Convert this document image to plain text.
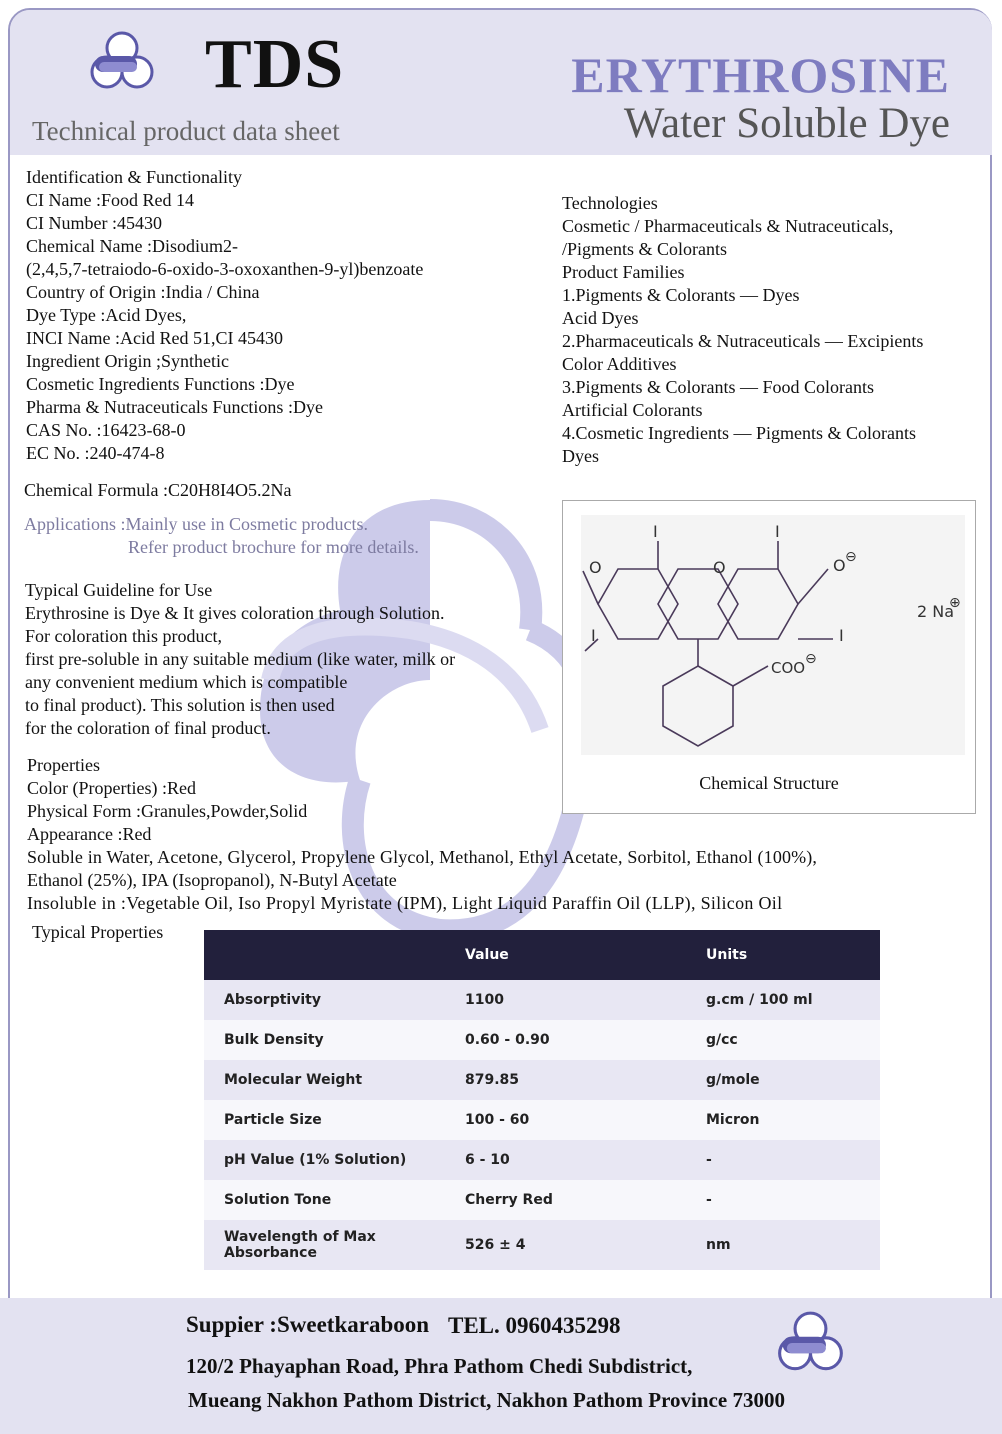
TDS
Technical product data sheet
ERYTHROSINE
Water Soluble Dye
Identification & Functionality
CI Name :Food Red 14
CI Number :45430
Chemical Name :Disodium2-
(2,4,5,7-tetraiodo-6-oxido-3-oxoxanthen-9-yl)benzoate
Country of Origin :India / China
Dye Type :Acid Dyes,
INCI Name :Acid Red 51,CI 45430
Ingredient Origin ;Synthetic
Cosmetic Ingredients Functions :Dye
Pharma & Nutraceuticals Functions :Dye
CAS No. :16423-68-0
EC No. :240-474-8
Chemical Formula :C20H8I4O5.2Na
Applications :Mainly use in Cosmetic products.
Refer product brochure for more details.
Technologies
Cosmetic / Pharmaceuticals & Nutraceuticals,
/Pigments & Colorants
Product Families
1.Pigments & Colorants — Dyes
Acid Dyes
2.Pharmaceuticals & Nutraceuticals — Excipients
Color Additives
3.Pigments & Colorants — Food Colorants
Artificial Colorants
4.Cosmetic Ingredients — Pigments & Colorants
Dyes
I	I
O	O	O ⊖
I	I
COO ⊖
2 Na
⊕
Chemical Structure
Typical Guideline for Use
Erythrosine is Dye & It gives coloration through Solution.
For coloration this product,
first pre-soluble in any suitable medium (like water, milk or
any convenient medium which is compatible
to final product). This solution is then used
for the coloration of final product.
Properties
Color (Properties) :Red
Physical Form :Granules,Powder,Solid
Appearance :Red
Soluble in Water, Acetone, Glycerol, Propylene Glycol, Methanol, Ethyl Acetate, Sorbitol, Ethanol (100%),
Ethanol (25%), IPA (Isopropanol), N-Butyl Acetate
Insoluble in :Vegetable Oil, Iso Propyl Myristate (IPM), Light Liquid Paraffin Oil (LLP), Silicon Oil
Typical Properties
	Value	Units
Absorptivity	1100	g.cm / 100 ml
Bulk Density	0.60 - 0.90	g/cc
Molecular Weight	879.85	g/mole
Particle Size	100 - 60	Micron
pH Value (1% Solution)	6 - 10	-
Solution Tone	Cherry Red	-

Wavelength of Max
Absorbance	526 ± 4	nm
Suppier :Sweetkaraboon TEL. 0960435298
120/2 Phayaphan Road, Phra Pathom Chedi Subdistrict,
Mueang Nakhon Pathom District, Nakhon Pathom Province 73000
